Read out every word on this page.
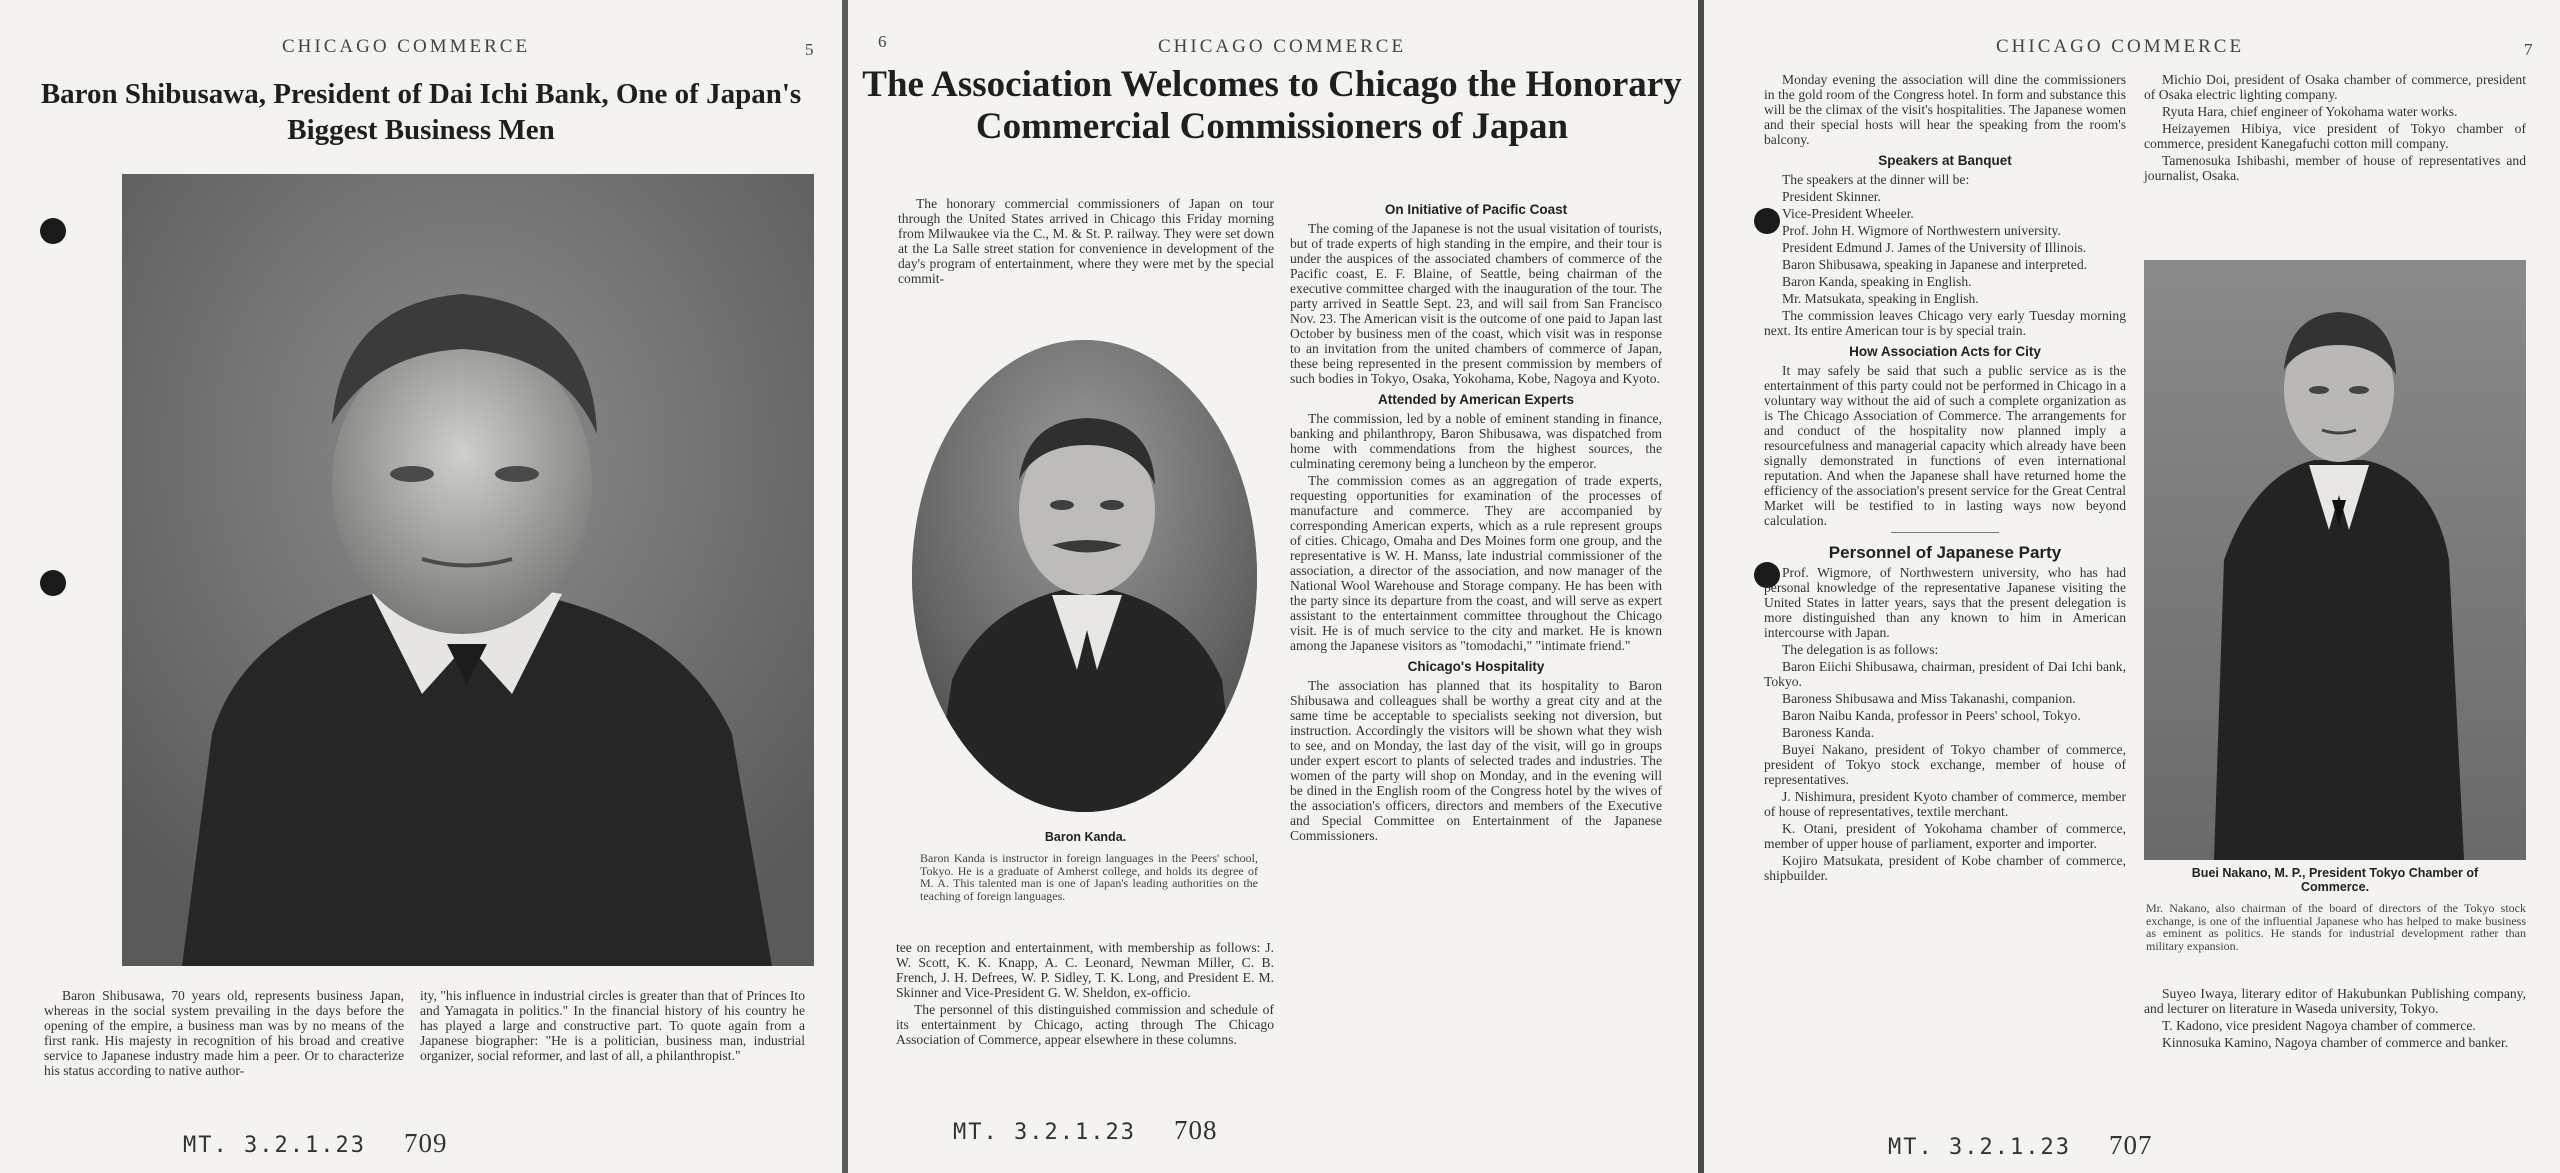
CHICAGO COMMERCE	5
Baron Shibusawa, President of Dai Ichi Bank, One of Japan's Biggest Business Men

Baron Shibusawa, 70 years old, represents business Japan, whereas in the social system prevailing in the days before the opening of the empire, a business man was by no means of the first rank. His majesty in recognition of his broad and creative service to Japanese industry made him a peer. Or to characterize his status according to native author-

ity, "his influence in industrial circles is greater than that of Princes Ito and Yamagata in politics." In the financial history of his country he has played a large and constructive part. To quote again from a Japanese biographer: "He is a politician, business man, industrial organizer, social reformer, and last of all, a philanthropist."

MT. 3.2.1.23 709
6	CHICAGO COMMERCE
The Association Welcomes to Chicago the Honorary Commercial Commissioners of Japan

The honorary commercial commissioners of Japan on tour through the United States arrived in Chicago this Friday morning from Milwaukee via the C., M. & St. P. railway. They were set down at the La Salle street station for convenience in development of the day's program of entertainment, where they were met by the special commit-

Baron Kanda.
Baron Kanda is instructor in foreign languages in the Peers' school, Tokyo. He is a graduate of Amherst college, and holds its degree of M. A. This talented man is one of Japan's leading authorities on the teaching of foreign languages.

tee on reception and entertainment, with membership as follows: J. W. Scott, K. K. Knapp, A. C. Leonard, Newman Miller, C. B. French, J. H. Defrees, W. P. Sidley, T. K. Long, and President E. M. Skinner and Vice-President G. W. Sheldon, ex-officio.

The personnel of this distinguished commission and schedule of its entertainment by Chicago, acting through The Chicago Association of Commerce, appear elsewhere in these columns.

On Initiative of Pacific Coast

The coming of the Japanese is not the usual visitation of tourists, but of trade experts of high standing in the empire, and their tour is under the auspices of the associated chambers of commerce of the Pacific coast, E. F. Blaine, of Seattle, being chairman of the executive committee charged with the inauguration of the tour. The party arrived in Seattle Sept. 23, and will sail from San Francisco Nov. 23. The American visit is the outcome of one paid to Japan last October by business men of the coast, which visit was in response to an invitation from the united chambers of commerce of Japan, these being represented in the present commission by members of such bodies in Tokyo, Osaka, Yokohama, Kobe, Nagoya and Kyoto.

Attended by American Experts

The commission, led by a noble of eminent standing in finance, banking and philanthropy, Baron Shibusawa, was dispatched from home with commendations from the highest sources, the culminating ceremony being a luncheon by the emperor.

The commission comes as an aggregation of trade experts, requesting opportunities for examination of the processes of manufacture and commerce. They are accompanied by corresponding American experts, which as a rule represent groups of cities. Chicago, Omaha and Des Moines form one group, and the representative is W. H. Manss, late industrial commissioner of the association, a director of the association, and now manager of the National Wool Warehouse and Storage company. He has been with the party since its departure from the coast, and will serve as expert assistant to the entertainment committee throughout the Chicago visit. He is of much service to the city and market. He is known among the Japanese visitors as "tomodachi," "intimate friend."

Chicago's Hospitality

The association has planned that its hospitality to Baron Shibusawa and colleagues shall be worthy a great city and at the same time be acceptable to specialists seeking not diversion, but instruction. Accordingly the visitors will be shown what they wish to see, and on Monday, the last day of the visit, will go in groups under expert escort to plants of selected trades and industries. The women of the party will shop on Monday, and in the evening will be dined in the English room of the Congress hotel by the wives of the association's officers, directors and members of the Executive and Special Committee on Entertainment of the Japanese Commissioners.

MT. 3.2.1.23 708
CHICAGO COMMERCE	7

Monday evening the association will dine the commissioners in the gold room of the Congress hotel. In form and substance this will be the climax of the visit's hospitalities. The Japanese women and their special hosts will hear the speaking from the room's balcony.

Speakers at Banquet

The speakers at the dinner will be:

President Skinner.

Vice-President Wheeler.

Prof. John H. Wigmore of Northwestern university.

President Edmund J. James of the University of Illinois.

Baron Shibusawa, speaking in Japanese and interpreted.

Baron Kanda, speaking in English.

Mr. Matsukata, speaking in English.

The commission leaves Chicago very early Tuesday morning next. Its entire American tour is by special train.

How Association Acts for City

It may safely be said that such a public service as is the entertainment of this party could not be performed in Chicago in a voluntary way without the aid of such a complete organization as is The Chicago Association of Commerce. The arrangements for and conduct of the hospitality now planned imply a resourcefulness and managerial capacity which already have been signally demonstrated in functions of even international reputation. And when the Japanese shall have returned home the efficiency of the association's present service for the Great Central Market will be testified to in lasting ways now beyond calculation.

Personnel of Japanese Party

Prof. Wigmore, of Northwestern university, who has had personal knowledge of the representative Japanese visiting the United States in latter years, says that the present delegation is more distinguished than any known to him in American intercourse with Japan.

The delegation is as follows:

Baron Eiichi Shibusawa, chairman, president of Dai Ichi bank, Tokyo.

Baroness Shibusawa and Miss Takanashi, companion.

Baron Naibu Kanda, professor in Peers' school, Tokyo.

Baroness Kanda.

Buyei Nakano, president of Tokyo chamber of commerce, president of Tokyo stock exchange, member of house of representatives.

J. Nishimura, president Kyoto chamber of commerce, member of house of representatives, textile merchant.

K. Otani, president of Yokohama chamber of commerce, member of upper house of parliament, exporter and importer.

Kojiro Matsukata, president of Kobe chamber of commerce, shipbuilder.

Michio Doi, president of Osaka chamber of commerce, president of Osaka electric lighting company.

Ryuta Hara, chief engineer of Yokohama water works.

Heizayemen Hibiya, vice president of Tokyo chamber of commerce, president Kanegafuchi cotton mill company.

Tamenosuka Ishibashi, member of house of representatives and journalist, Osaka.

Buei Nakano, M. P., President Tokyo Chamber of Commerce.
Mr. Nakano, also chairman of the board of directors of the Tokyo stock exchange, is one of the influential Japanese who has helped to make business as eminent as politics. He stands for industrial development rather than military expansion.

Suyeo Iwaya, literary editor of Hakubunkan Publishing company, and lecturer on literature in Waseda university, Tokyo.

T. Kadono, vice president Nagoya chamber of commerce.

Kinnosuka Kamino, Nagoya chamber of commerce and banker.

MT. 3.2.1.23 707
